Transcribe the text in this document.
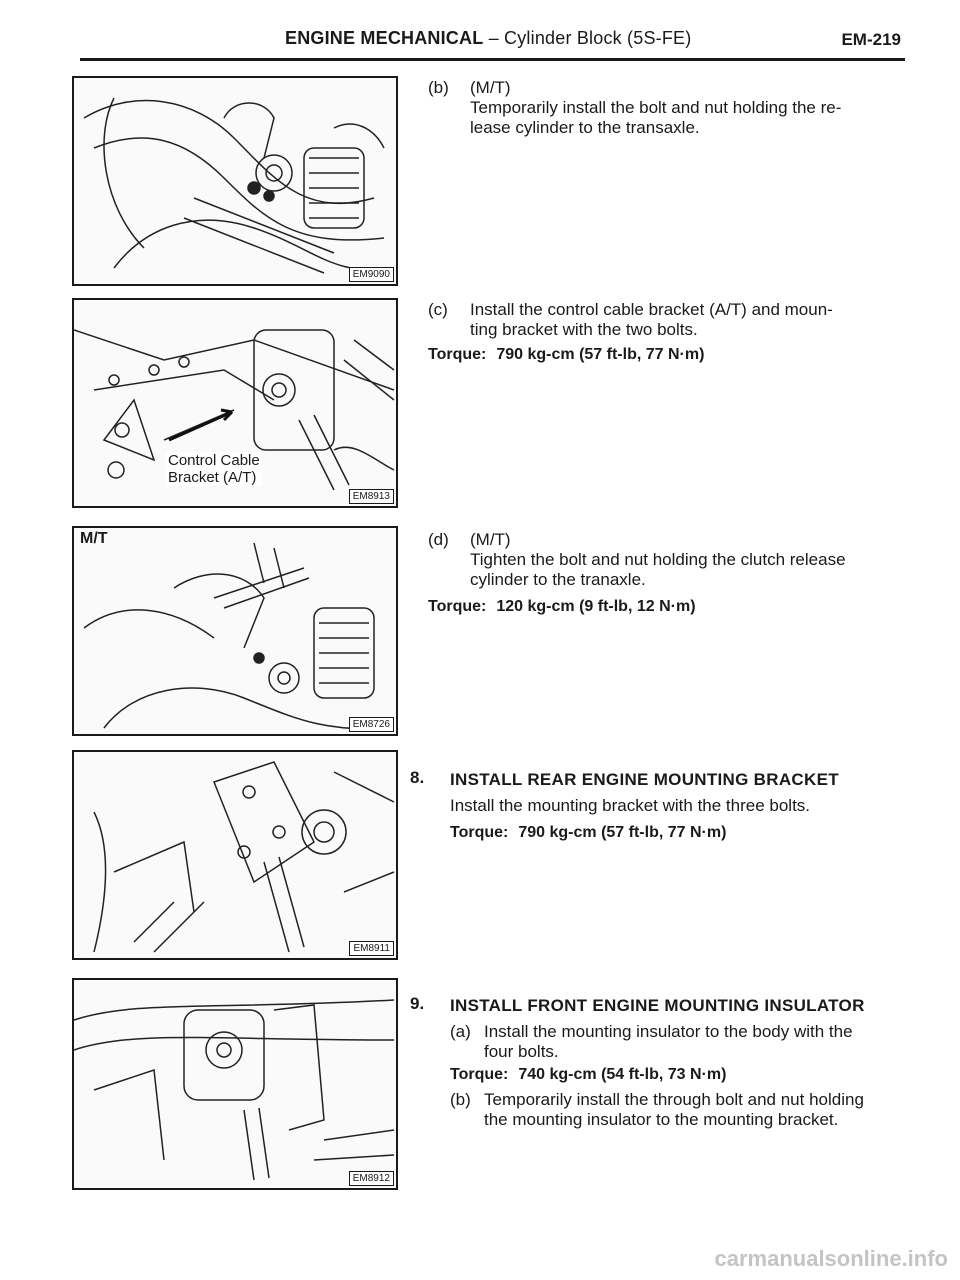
ENGINE MECHANICAL – Cylinder Block (5S-FE)	EM-219
EM9090
Control Cable
Bracket (A/T)
EM8913
M/T
EM8726
EM8911
EM8912
(b) (M/T)
Temporarily install the bolt and nut holding the re-
lease cylinder to the transaxle.
(c) Install the control cable bracket (A/T) and moun-
ting bracket with the two bolts.
Torque: 790 kg-cm (57 ft-lb, 77 N·m)
(d) (M/T)
Tighten the bolt and nut holding the clutch release
cylinder to the tranaxle.
Torque: 120 kg-cm (9 ft-lb, 12 N·m)
8. INSTALL REAR ENGINE MOUNTING BRACKET
Install the mounting bracket with the three bolts.
Torque: 790 kg-cm (57 ft-lb, 77 N·m)
9. INSTALL FRONT ENGINE MOUNTING INSULATOR
(a) Install the mounting insulator to the body with the
four bolts.
Torque: 740 kg-cm (54 ft-lb, 73 N·m)
(b) Temporarily install the through bolt and nut holding
the mounting insulator to the mounting bracket.
carmanualsonline.info
